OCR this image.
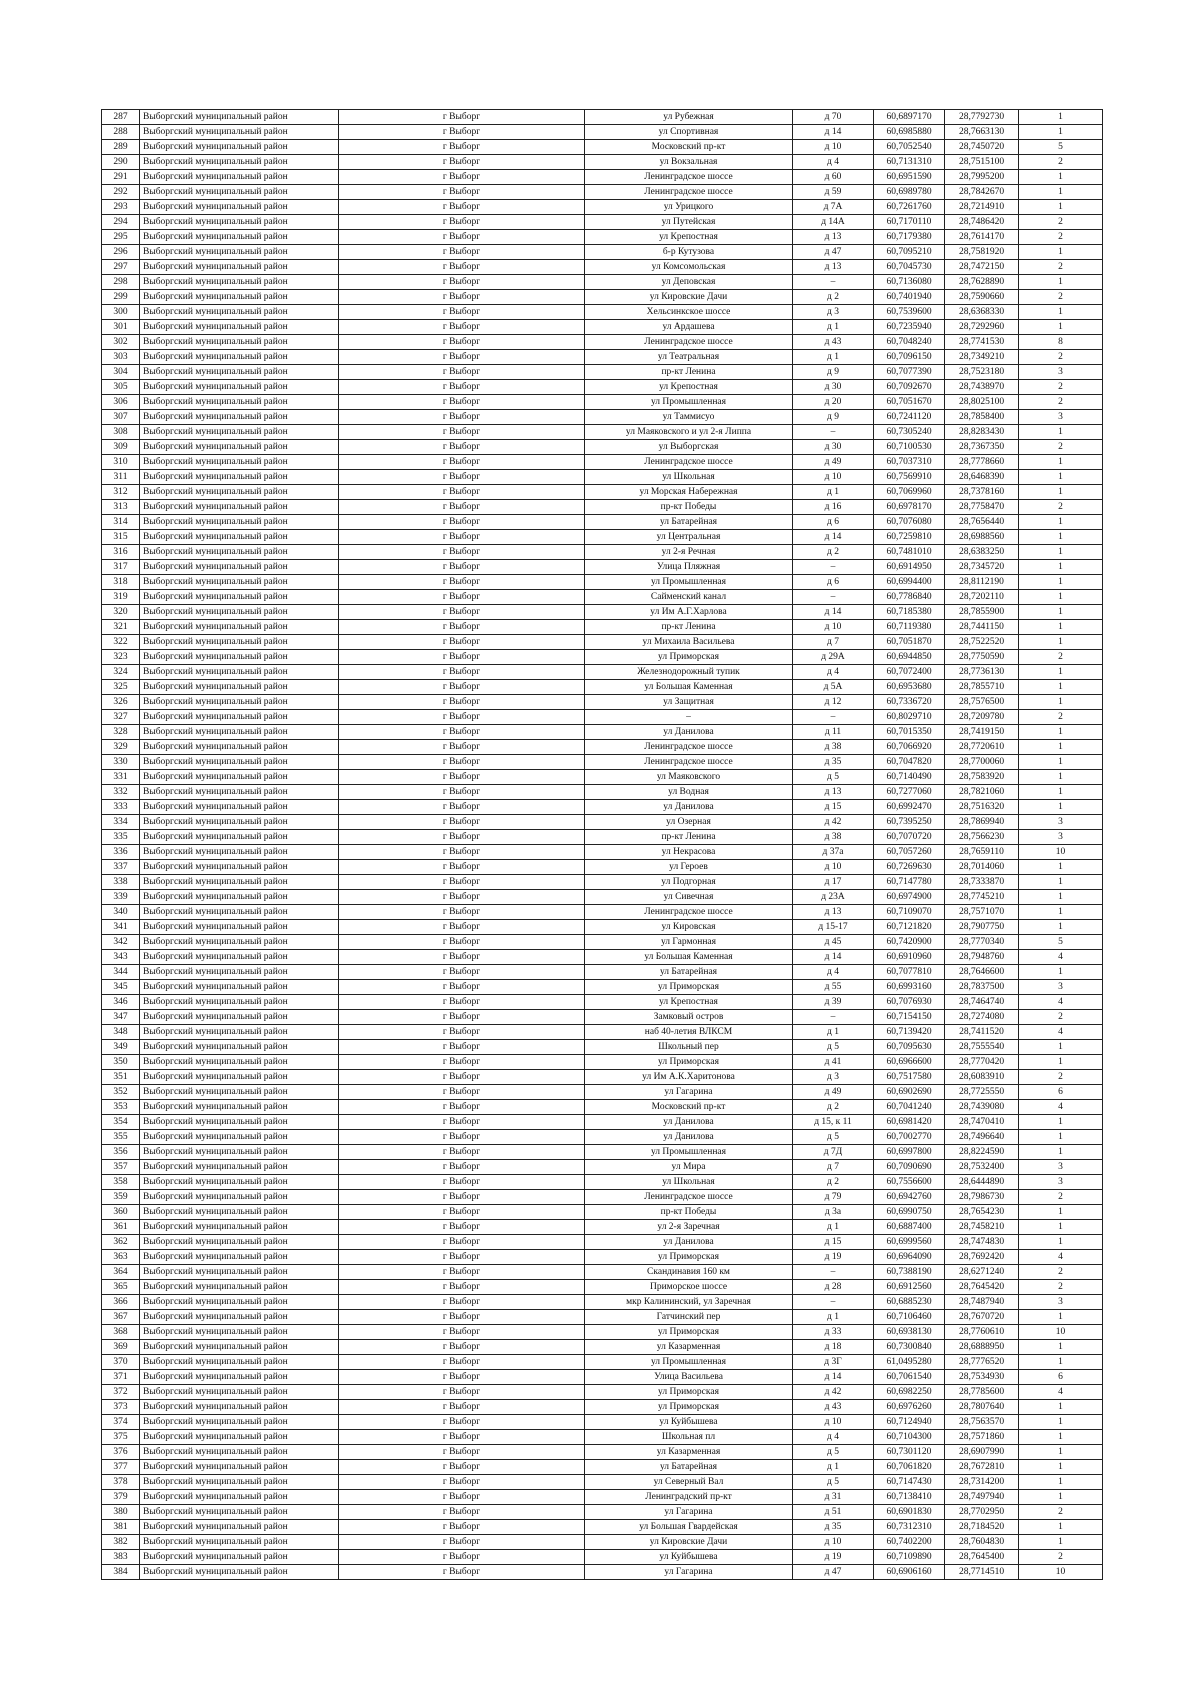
287	Выборгский муниципальный район	г Выборг	ул Рубежная	д 70	60,6897170	28,7792730	1
288	Выборгский муниципальный район	г Выборг	ул Спортивная	д 14	60,6985880	28,7663130	1
289	Выборгский муниципальный район	г Выборг	Московский пр-кт	д 10	60,7052540	28,7450720	5
290	Выборгский муниципальный район	г Выборг	ул Вокзальная	д 4	60,7131310	28,7515100	2
291	Выборгский муниципальный район	г Выборг	Ленинградское шоссе	д 60	60,6951590	28,7995200	1
292	Выборгский муниципальный район	г Выборг	Ленинградское шоссе	д 59	60,6989780	28,7842670	1
293	Выборгский муниципальный район	г Выборг	ул Урицкого	д 7А	60,7261760	28,7214910	1
294	Выборгский муниципальный район	г Выборг	ул Путейская	д 14А	60,7170110	28,7486420	2
295	Выборгский муниципальный район	г Выборг	ул Крепостная	д 13	60,7179380	28,7614170	2
296	Выборгский муниципальный район	г Выборг	б-р Кутузова	д 47	60,7095210	28,7581920	1
297	Выборгский муниципальный район	г Выборг	ул Комсомольская	д 13	60,7045730	28,7472150	2
298	Выборгский муниципальный район	г Выборг	ул Деповская	–	60,7136080	28,7628890	1
299	Выборгский муниципальный район	г Выборг	ул Кировские Дачи	д 2	60,7401940	28,7590660	2
300	Выборгский муниципальный район	г Выборг	Хельсинкское шоссе	д 3	60,7539600	28,6368330	1
301	Выборгский муниципальный район	г Выборг	ул Ардашева	д 1	60,7235940	28,7292960	1
302	Выборгский муниципальный район	г Выборг	Ленинградское шоссе	д 43	60,7048240	28,7741530	8
303	Выборгский муниципальный район	г Выборг	ул Театральная	д 1	60,7096150	28,7349210	2
304	Выборгский муниципальный район	г Выборг	пр-кт Ленина	д 9	60,7077390	28,7523180	3
305	Выборгский муниципальный район	г Выборг	ул Крепостная	д 30	60,7092670	28,7438970	2
306	Выборгский муниципальный район	г Выборг	ул Промышленная	д 20	60,7051670	28,8025100	2
307	Выборгский муниципальный район	г Выборг	ул Таммисуо	д 9	60,7241120	28,7858400	3
308	Выборгский муниципальный район	г Выборг	ул Маяковского и ул 2-я Липпа	–	60,7305240	28,8283430	1
309	Выборгский муниципальный район	г Выборг	ул Выборгская	д 30	60,7100530	28,7367350	2
310	Выборгский муниципальный район	г Выборг	Ленинградское шоссе	д 49	60,7037310	28,7778660	1
311	Выборгский муниципальный район	г Выборг	ул Школьная	д 10	60,7569910	28,6468390	1
312	Выборгский муниципальный район	г Выборг	ул Морская Набережная	д 1	60,7069960	28,7378160	1
313	Выборгский муниципальный район	г Выборг	пр-кт Победы	д 16	60,6978170	28,7758470	2
314	Выборгский муниципальный район	г Выборг	ул Батарейная	д 6	60,7076080	28,7656440	1
315	Выборгский муниципальный район	г Выборг	ул Центральная	д 14	60,7259810	28,6988560	1
316	Выборгский муниципальный район	г Выборг	ул 2-я Речная	д 2	60,7481010	28,6383250	1
317	Выборгский муниципальный район	г Выборг	Улица Пляжная	–	60,6914950	28,7345720	1
318	Выборгский муниципальный район	г Выборг	ул Промышленная	д 6	60,6994400	28,8112190	1
319	Выборгский муниципальный район	г Выборг	Сайменский канал	–	60,7786840	28,7202110	1
320	Выборгский муниципальный район	г Выборг	ул Им А.Г.Харлова	д 14	60,7185380	28,7855900	1
321	Выборгский муниципальный район	г Выборг	пр-кт Ленина	д 10	60,7119380	28,7441150	1
322	Выборгский муниципальный район	г Выборг	ул Михаила Васильева	д 7	60,7051870	28,7522520	1
323	Выборгский муниципальный район	г Выборг	ул Приморская	д 29А	60,6944850	28,7750590	2
324	Выборгский муниципальный район	г Выборг	Железнодорожный тупик	д 4	60,7072400	28,7736130	1
325	Выборгский муниципальный район	г Выборг	ул Большая Каменная	д 5А	60,6953680	28,7855710	1
326	Выборгский муниципальный район	г Выборг	ул Защитная	д 12	60,7336720	28,7576500	1
327	Выборгский муниципальный район	г Выборг	–	–	60,8029710	28,7209780	2
328	Выборгский муниципальный район	г Выборг	ул Данилова	д 11	60,7015350	28,7419150	1
329	Выборгский муниципальный район	г Выборг	Ленинградское шоссе	д 38	60,7066920	28,7720610	1
330	Выборгский муниципальный район	г Выборг	Ленинградское шоссе	д 35	60,7047820	28,7700060	1
331	Выборгский муниципальный район	г Выборг	ул Маяковского	д 5	60,7140490	28,7583920	1
332	Выборгский муниципальный район	г Выборг	ул Водная	д 13	60,7277060	28,7821060	1
333	Выборгский муниципальный район	г Выборг	ул Данилова	д 15	60,6992470	28,7516320	1
334	Выборгский муниципальный район	г Выборг	ул Озерная	д 42	60,7395250	28,7869940	3
335	Выборгский муниципальный район	г Выборг	пр-кт Ленина	д 38	60,7070720	28,7566230	3
336	Выборгский муниципальный район	г Выборг	ул Некрасова	д 37а	60,7057260	28,7659110	10
337	Выборгский муниципальный район	г Выборг	ул Героев	д 10	60,7269630	28,7014060	1
338	Выборгский муниципальный район	г Выборг	ул Подгорная	д 17	60,7147780	28,7333870	1
339	Выборгский муниципальный район	г Выборг	ул Сивечная	д 23А	60,6974900	28,7745210	1
340	Выборгский муниципальный район	г Выборг	Ленинградское шоссе	д 13	60,7109070	28,7571070	1
341	Выборгский муниципальный район	г Выборг	ул Кировская	д 15-17	60,7121820	28,7907750	1
342	Выборгский муниципальный район	г Выборг	ул Гармонная	д 45	60,7420900	28,7770340	5
343	Выборгский муниципальный район	г Выборг	ул Большая Каменная	д 14	60,6910960	28,7948760	4
344	Выборгский муниципальный район	г Выборг	ул Батарейная	д 4	60,7077810	28,7646600	1
345	Выборгский муниципальный район	г Выборг	ул Приморская	д 55	60,6993160	28,7837500	3
346	Выборгский муниципальный район	г Выборг	ул Крепостная	д 39	60,7076930	28,7464740	4
347	Выборгский муниципальный район	г Выборг	Замковый остров	–	60,7154150	28,7274080	2
348	Выборгский муниципальный район	г Выборг	наб 40-летия ВЛКСМ	д 1	60,7139420	28,7411520	4
349	Выборгский муниципальный район	г Выборг	Школьный пер	д 5	60,7095630	28,7555540	1
350	Выборгский муниципальный район	г Выборг	ул Приморская	д 41	60,6966600	28,7770420	1
351	Выборгский муниципальный район	г Выборг	ул Им А.К.Харитонова	д 3	60,7517580	28,6083910	2
352	Выборгский муниципальный район	г Выборг	ул Гагарина	д 49	60,6902690	28,7725550	6
353	Выборгский муниципальный район	г Выборг	Московский пр-кт	д 2	60,7041240	28,7439080	4
354	Выборгский муниципальный район	г Выборг	ул Данилова	д 15, к 11	60,6981420	28,7470410	1
355	Выборгский муниципальный район	г Выборг	ул Данилова	д 5	60,7002770	28,7496640	1
356	Выборгский муниципальный район	г Выборг	ул Промышленная	д 7Д	60,6997800	28,8224590	1
357	Выборгский муниципальный район	г Выборг	ул Мира	д 7	60,7090690	28,7532400	3
358	Выборгский муниципальный район	г Выборг	ул Школьная	д 2	60,7556600	28,6444890	3
359	Выборгский муниципальный район	г Выборг	Ленинградское шоссе	д 79	60,6942760	28,7986730	2
360	Выборгский муниципальный район	г Выборг	пр-кт Победы	д 3а	60,6990750	28,7654230	1
361	Выборгский муниципальный район	г Выборг	ул 2-я Заречная	д 1	60,6887400	28,7458210	1
362	Выборгский муниципальный район	г Выборг	ул Данилова	д 15	60,6999560	28,7474830	1
363	Выборгский муниципальный район	г Выборг	ул Приморская	д 19	60,6964090	28,7692420	4
364	Выборгский муниципальный район	г Выборг	Скандинавия 160 км	–	60,7388190	28,6271240	2
365	Выборгский муниципальный район	г Выборг	Приморское шоссе	д 28	60,6912560	28,7645420	2
366	Выборгский муниципальный район	г Выборг	мкр Калининский, ул Заречная	–	60,6885230	28,7487940	3
367	Выборгский муниципальный район	г Выборг	Гатчинский пер	д 1	60,7106460	28,7670720	1
368	Выборгский муниципальный район	г Выборг	ул Приморская	д 33	60,6938130	28,7760610	10
369	Выборгский муниципальный район	г Выборг	ул Казарменная	д 18	60,7300840	28,6888950	1
370	Выборгский муниципальный район	г Выборг	ул Промышленная	д 3Г	61,0495280	28,7776520	1
371	Выборгский муниципальный район	г Выборг	Улица Васильева	д 14	60,7061540	28,7534930	6
372	Выборгский муниципальный район	г Выборг	ул Приморская	д 42	60,6982250	28,7785600	4
373	Выборгский муниципальный район	г Выборг	ул Приморская	д 43	60,6976260	28,7807640	1
374	Выборгский муниципальный район	г Выборг	ул Куйбышева	д 10	60,7124940	28,7563570	1
375	Выборгский муниципальный район	г Выборг	Школьная пл	д 4	60,7104300	28,7571860	1
376	Выборгский муниципальный район	г Выборг	ул Казарменная	д 5	60,7301120	28,6907990	1
377	Выборгский муниципальный район	г Выборг	ул Батарейная	д 1	60,7061820	28,7672810	1
378	Выборгский муниципальный район	г Выборг	ул Северный Вал	д 5	60,7147430	28,7314200	1
379	Выборгский муниципальный район	г Выборг	Ленинградский пр-кт	д 31	60,7138410	28,7497940	1
380	Выборгский муниципальный район	г Выборг	ул Гагарина	д 51	60,6901830	28,7702950	2
381	Выборгский муниципальный район	г Выборг	ул Большая Гвардейская	д 35	60,7312310	28,7184520	1
382	Выборгский муниципальный район	г Выборг	ул Кировские Дачи	д 10	60,7402200	28,7604830	1
383	Выборгский муниципальный район	г Выборг	ул Куйбышева	д 19	60,7109890	28,7645400	2
384	Выборгский муниципальный район	г Выборг	ул Гагарина	д 47	60,6906160	28,7714510	10
